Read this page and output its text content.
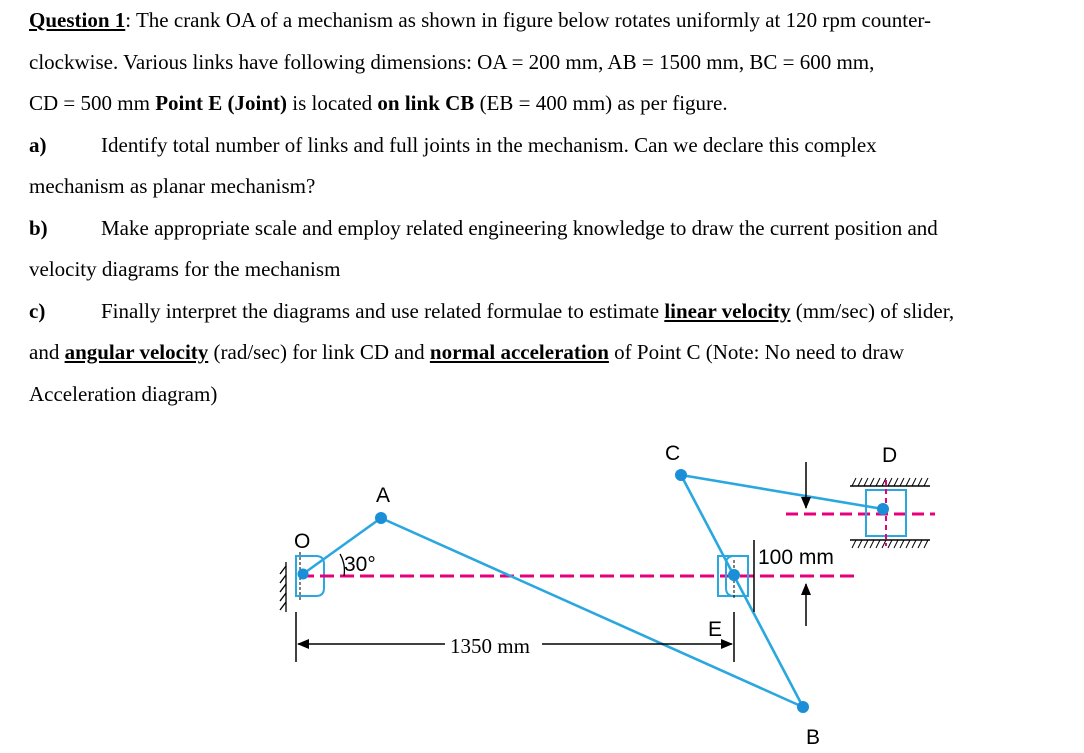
Question 1: The crank OA of a mechanism as shown in figure below rotates uniformly at 120 rpm counter-
clockwise. Various links have following dimensions: OA = 200 mm, AB = 1500 mm, BC = 600 mm,
CD = 500 mm Point E (Joint) is located on link CB (EB = 400 mm) as per figure.
a)	Identify total number of links and full joints in the mechanism. Can we declare this complex
mechanism as planar mechanism?
b)	Make appropriate scale and employ related engineering knowledge to draw the current position and
velocity diagrams for the mechanism
c)	Finally interpret the diagrams and use related formulae to estimate linear velocity (mm/sec) of slider,
and angular velocity (rad/sec) for link CD and normal acceleration of Point C (Note: No need to draw
Acceleration diagram)
O
A
B
C	D
E
30°	100 mm
1350 mm
